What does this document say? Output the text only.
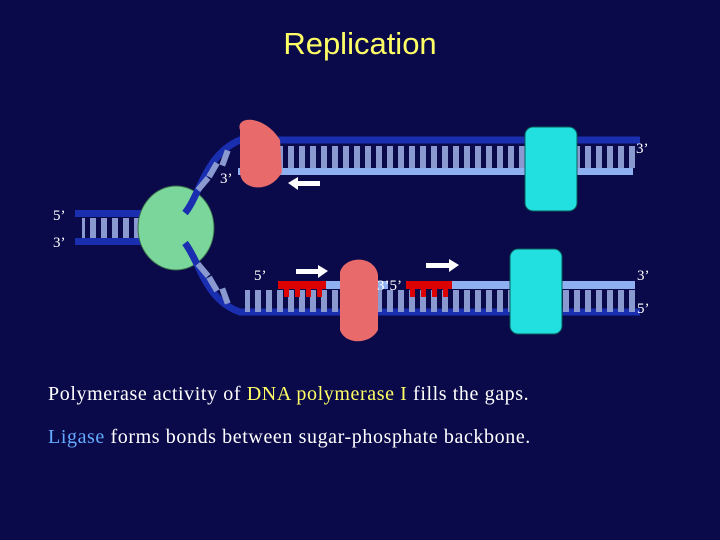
Replication
3’
3’
5’
3’
5’
3’5’
3’
5’
Polymerase activity of DNA polymerase I fills the gaps.
Ligase forms bonds between sugar-phosphate backbone.
